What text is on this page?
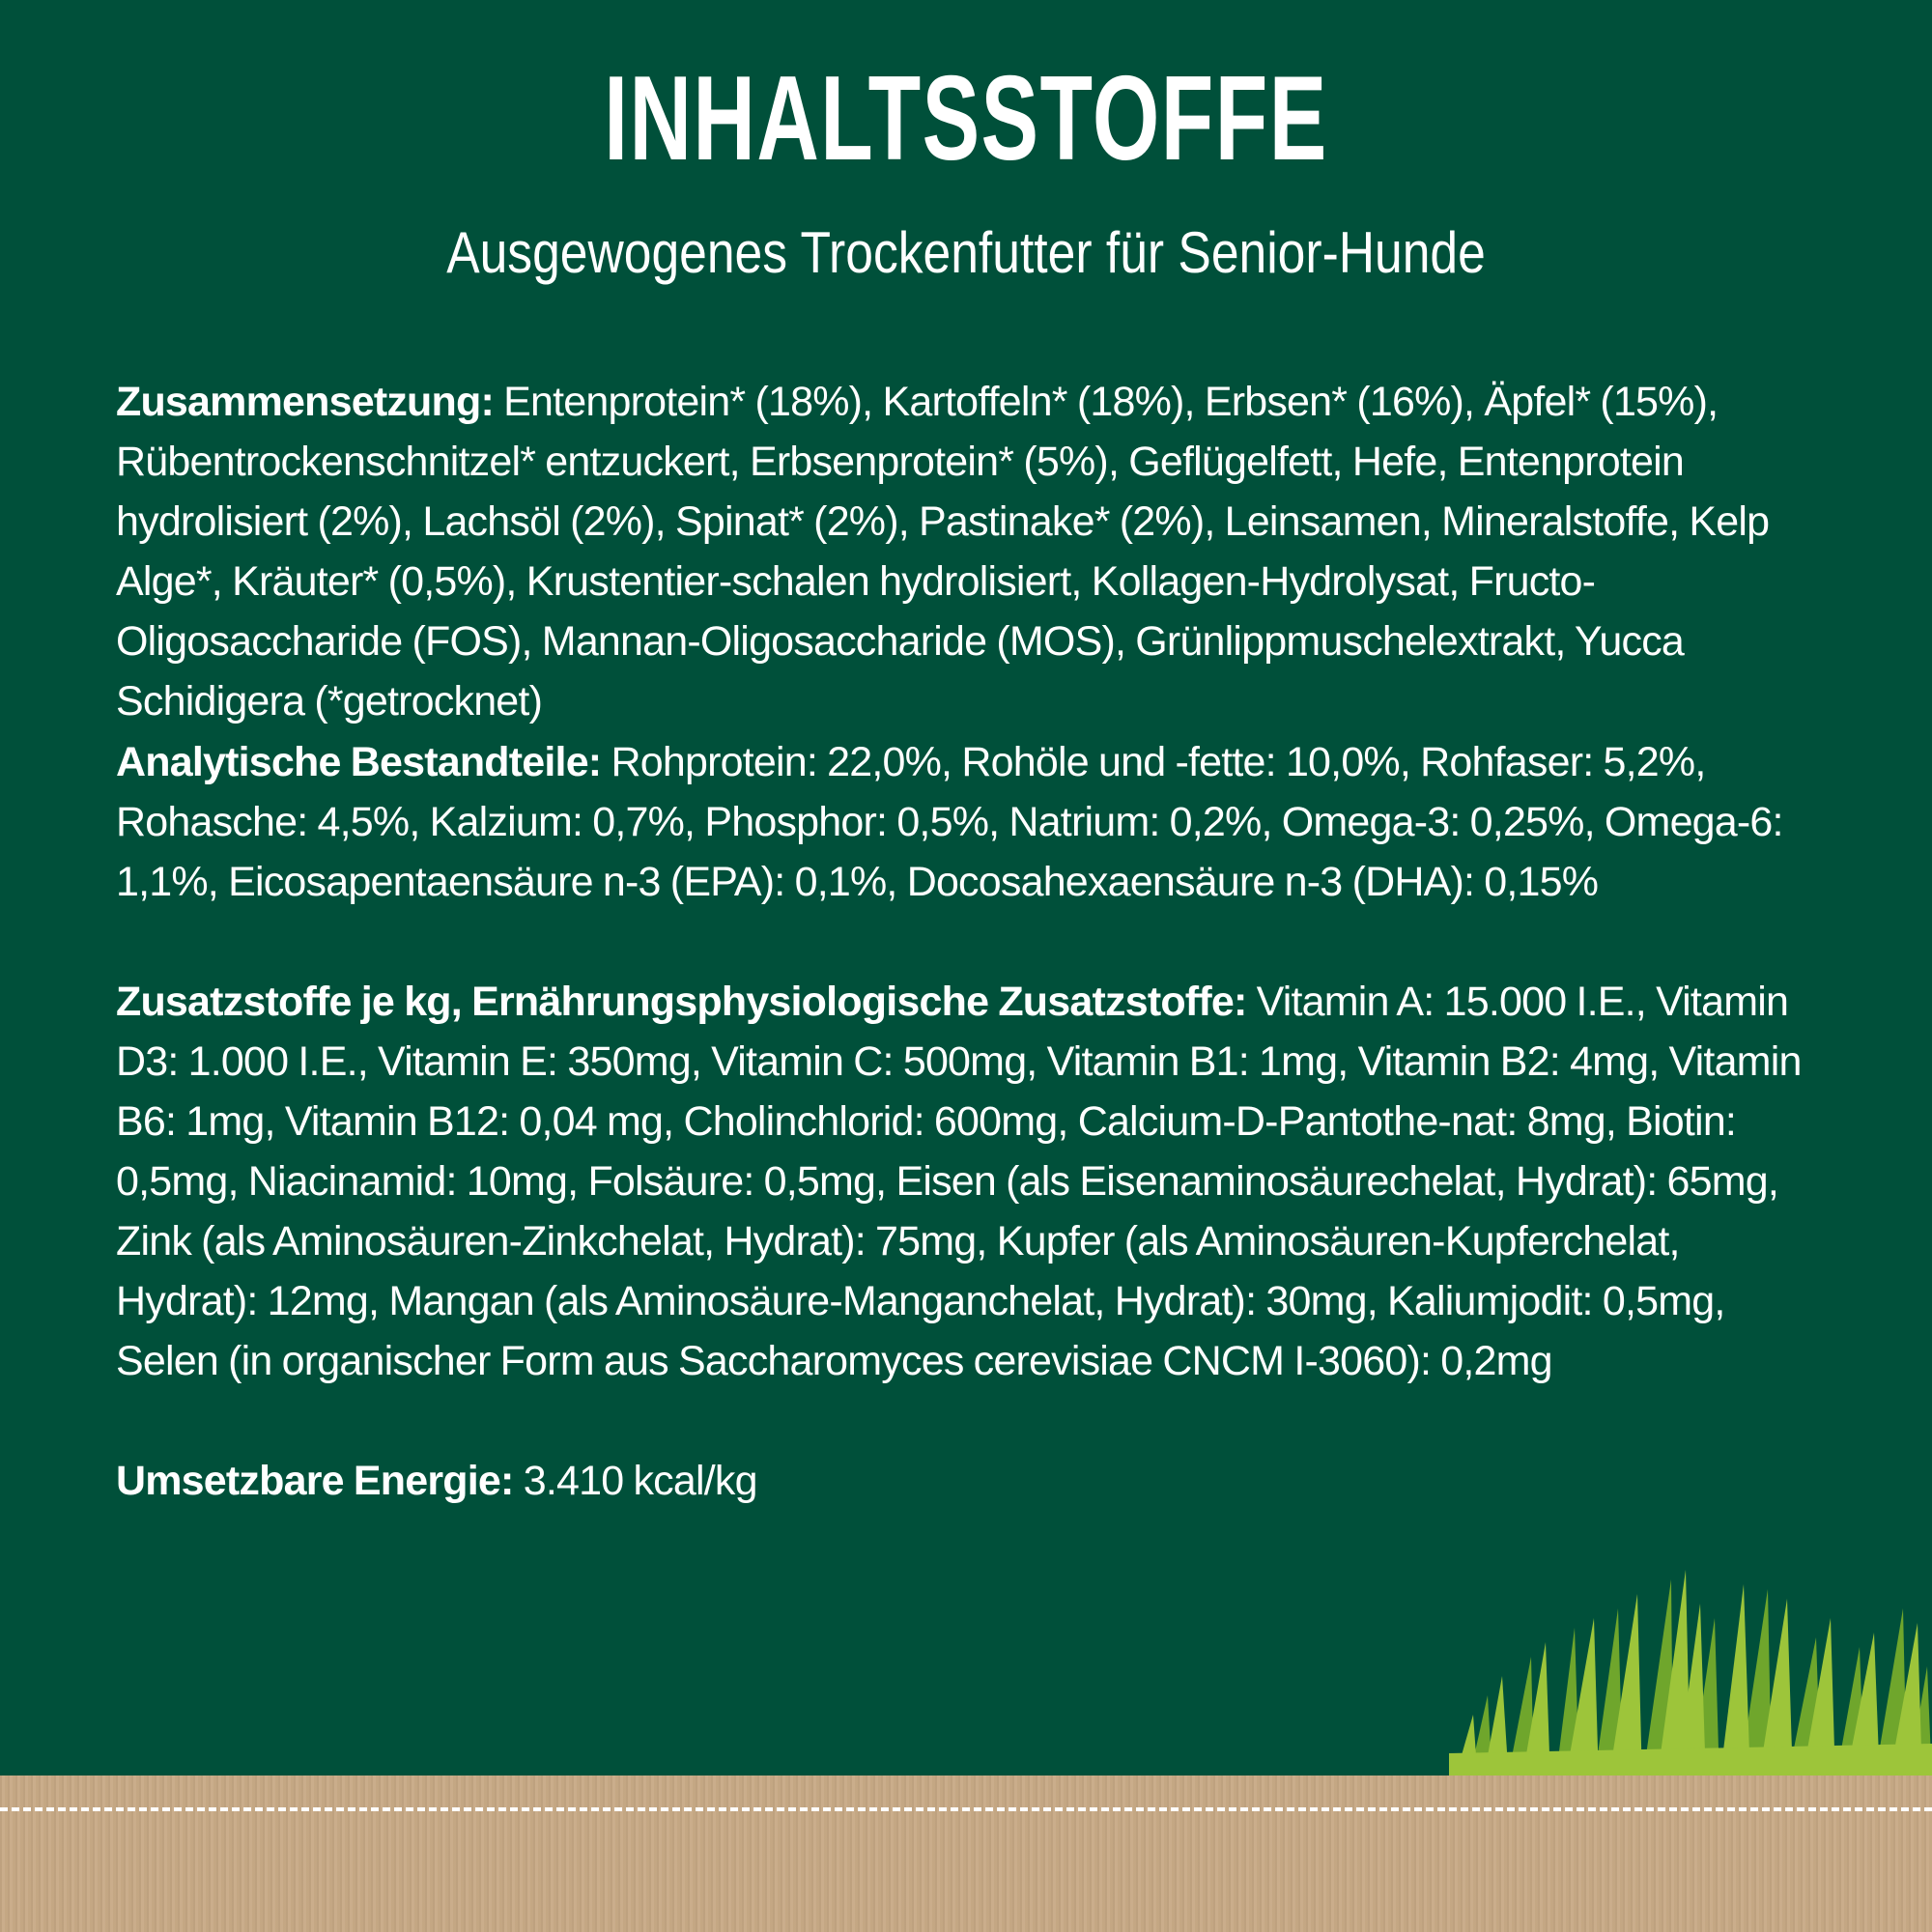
INHALTSSTOFFE
Ausgewogenes Trockenfutter für Senior-Hunde
Zusammensetzung: Entenprotein* (18%), Kartoffeln* (18%), Erbsen* (16%), Äpfel* (15%), Rübentrockenschnitzel* entzuckert, Erbsenprotein* (5%), Geflügelfett, Hefe, Entenprotein hydrolisiert (2%), Lachsöl (2%), Spinat* (2%), Pastinake* (2%), Leinsamen, Mineralstoffe, Kelp Alge*, Kräuter* (0,5%), Krustentier-schalen hydrolisiert, Kollagen-Hydrolysat, Fructo-Oligosaccharide (FOS), Mannan-Oligosaccharide (MOS), Grünlippmuschelextrakt, Yucca Schidigera (*getrocknet)
Analytische Bestandteile: Rohprotein: 22,0%, Rohöle und -fette: 10,0%, Rohfaser: 5,2%, Rohasche: 4,5%, Kalzium: 0,7%, Phosphor: 0,5%, Natrium: 0,2%, Omega-3: 0,25%, Omega-6: 1,1%, Eicosapentaensäure n-3 (EPA): 0,1%, Docosahexaensäure n-3 (DHA): 0,15%
Zusatzstoffe je kg, Ernährungsphysiologische Zusatzstoffe: Vitamin A: 15.000 I.E., Vitamin D3: 1.000 I.E., Vitamin E: 350mg, Vitamin C: 500mg, Vitamin B1: 1mg, Vitamin B2: 4mg, Vitamin B6: 1mg, Vitamin B12: 0,04 mg, Cholinchlorid: 600mg, Calcium-D-Pantothe-nat: 8mg, Biotin: 0,5mg, Niacinamid: 10mg, Folsäure: 0,5mg, Eisen (als Eisenaminosäurechelat, Hydrat): 65mg, Zink (als Aminosäuren-Zinkchelat, Hydrat): 75mg, Kupfer (als Aminosäuren-Kupferchelat, Hydrat): 12mg, Mangan (als Aminosäure-Manganchelat, Hydrat): 30mg, Kaliumjodit: 0,5mg, Selen (in organischer Form aus Saccharomyces cerevisiae CNCM I-3060): 0,2mg
Umsetzbare Energie: 3.410 kcal/kg
